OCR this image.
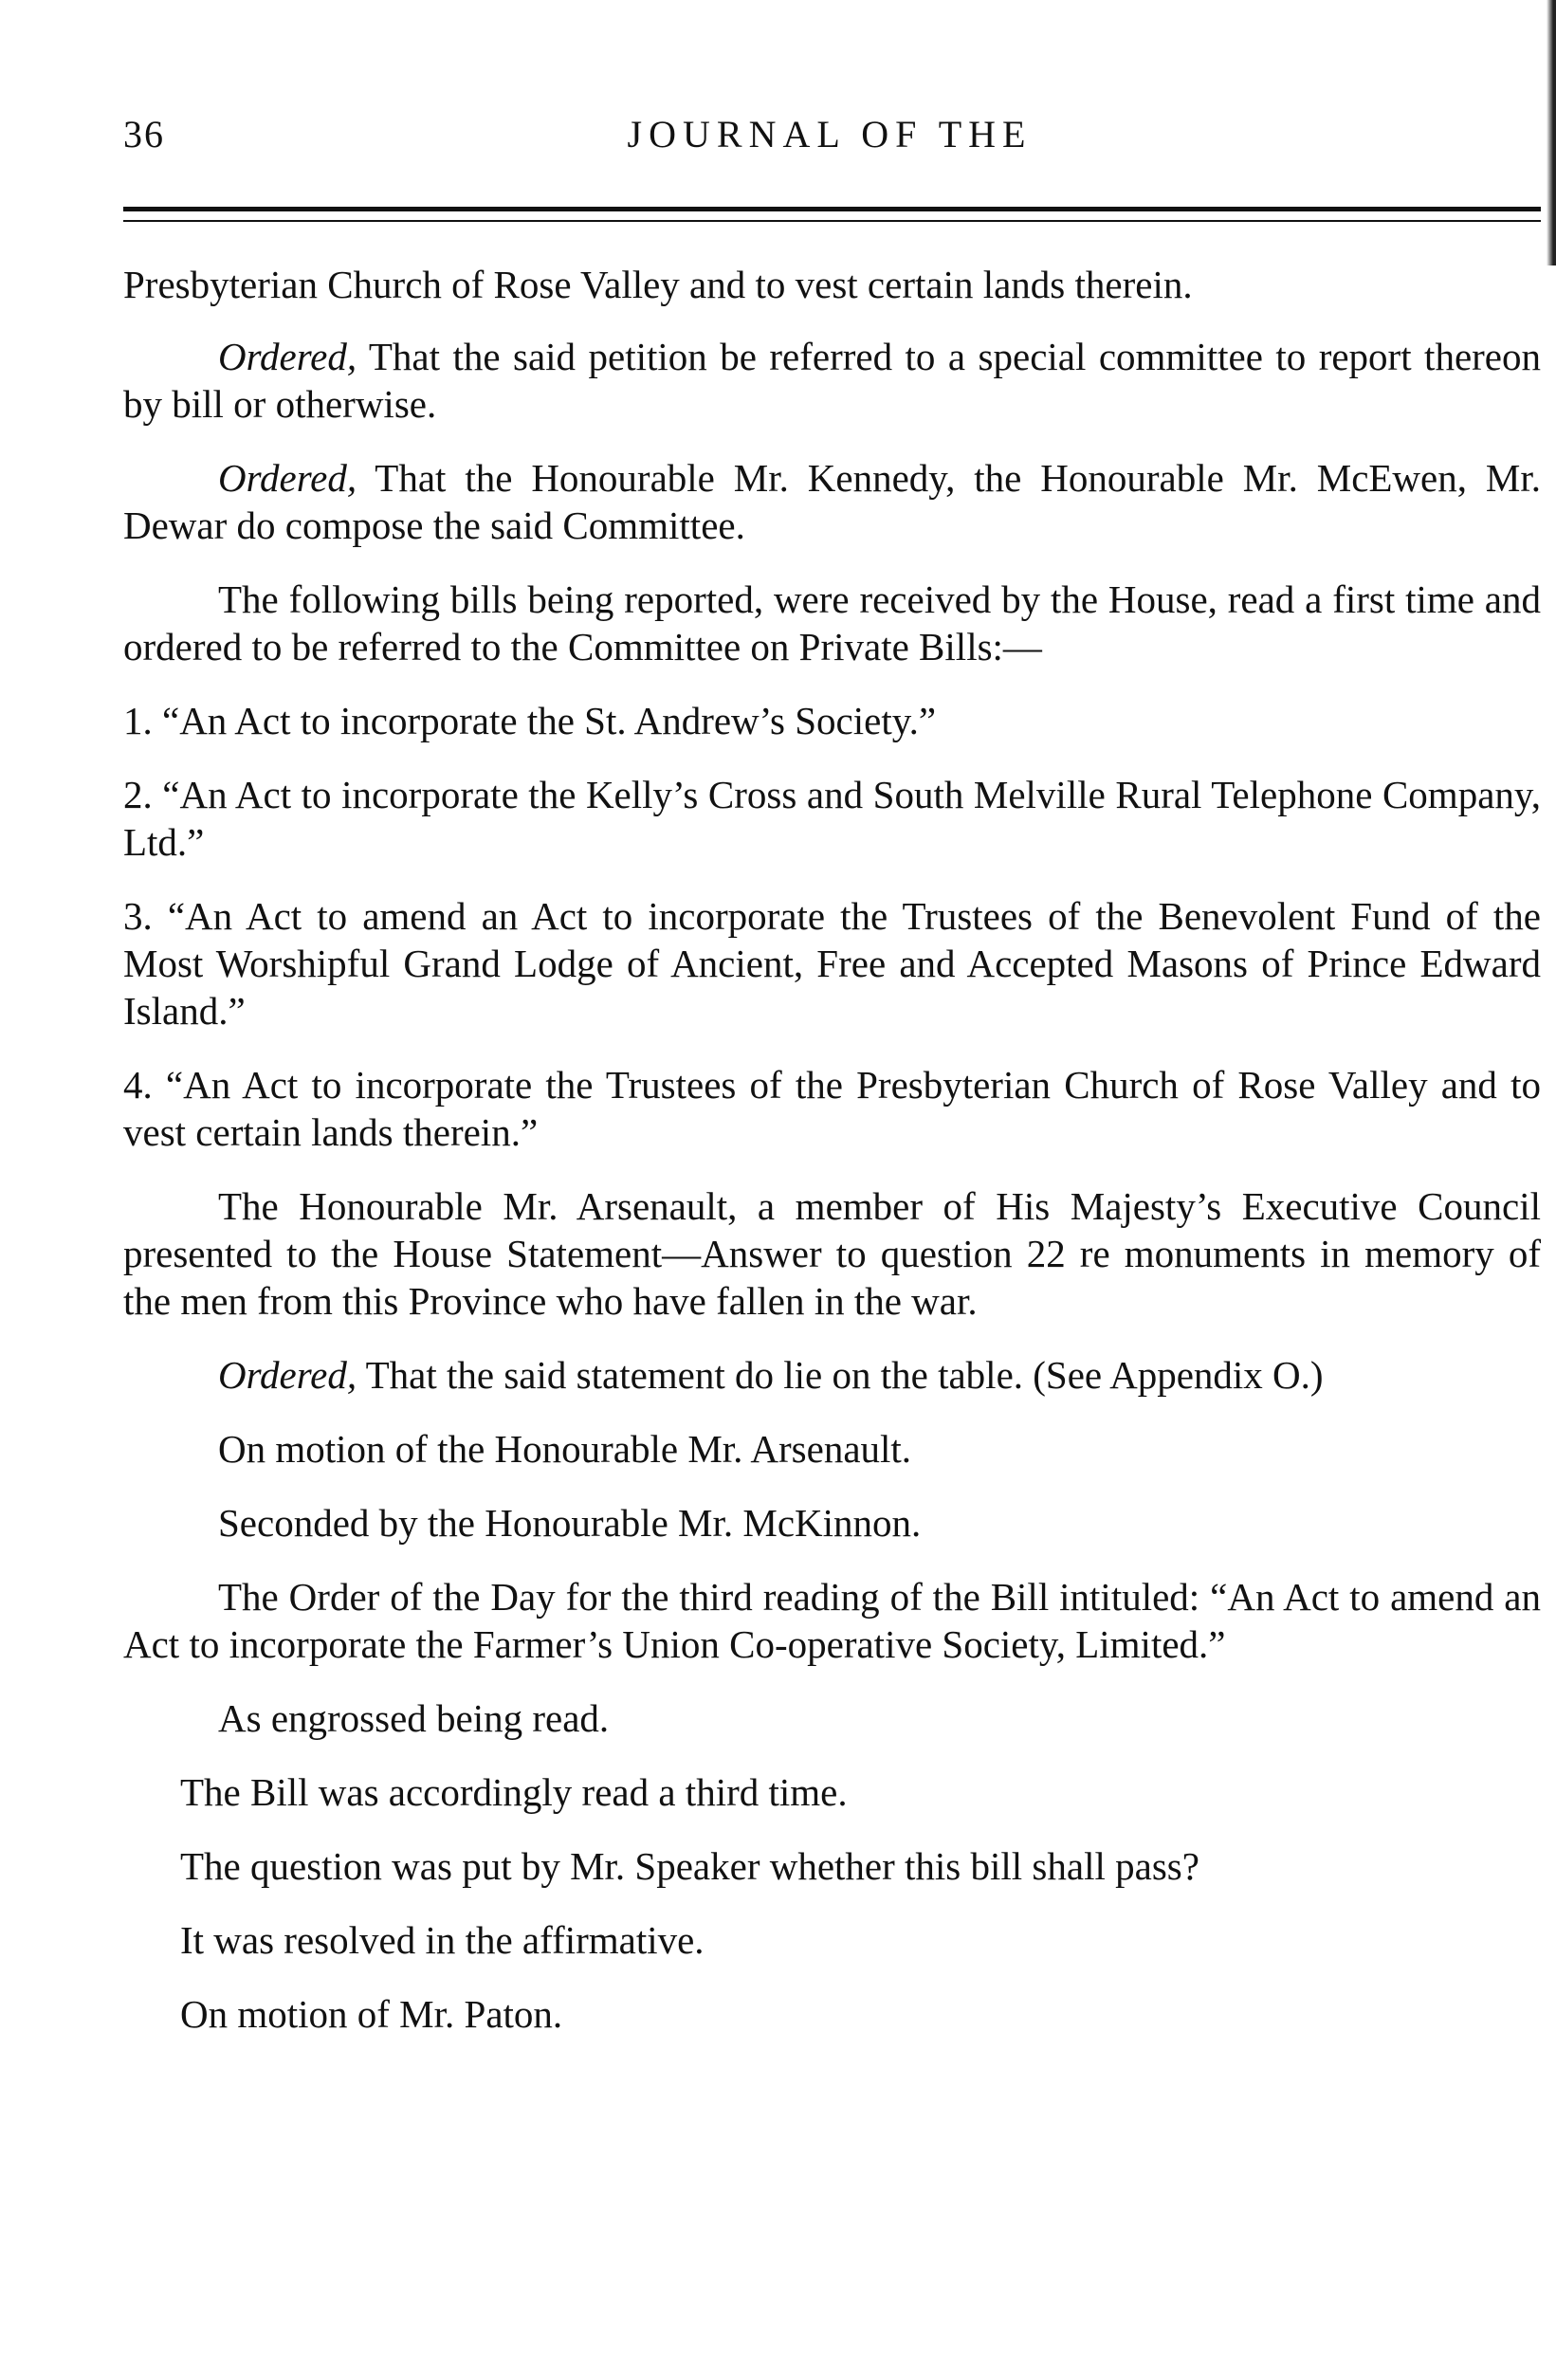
36	JOURNAL OF THE

Presbyterian Church of Rose Valley and to vest certain lands therein.

Ordered, That the said petition be referred to a special committee to report thereon by bill or otherwise.

Ordered, That the Honourable Mr. Kennedy, the Honourable Mr. McEwen, Mr. Dewar do compose the said Committee.

The following bills being reported, were received by the House, read a first time and ordered to be referred to the Committee on Private Bills:—

1. “An Act to incorporate the St. Andrew’s Society.”

2. “An Act to incorporate the Kelly’s Cross and South Melville Rural Telephone Company, Ltd.”

3. “An Act to amend an Act to incorporate the Trustees of the Benevolent Fund of the Most Worshipful Grand Lodge of Ancient, Free and Accepted Masons of Prince Edward Island.”

4. “An Act to incorporate the Trustees of the Presbyterian Church of Rose Valley and to vest certain lands therein.”

The Honourable Mr. Arsenault, a member of His Majesty’s Executive Council presented to the House Statement—Answer to question 22 re monuments in memory of the men from this Province who have fallen in the war.

Ordered, That the said statement do lie on the table. (See Appendix O.)

On motion of the Honourable Mr. Arsenault.

Seconded by the Honourable Mr. McKinnon.

The Order of the Day for the third reading of the Bill intituled: “An Act to amend an Act to incorporate the Farmer’s Union Co-operative Society, Limited.”

As engrossed being read.

The Bill was accordingly read a third time.

The question was put by Mr. Speaker whether this bill shall pass?

It was resolved in the affirmative.

On motion of Mr. Paton.
